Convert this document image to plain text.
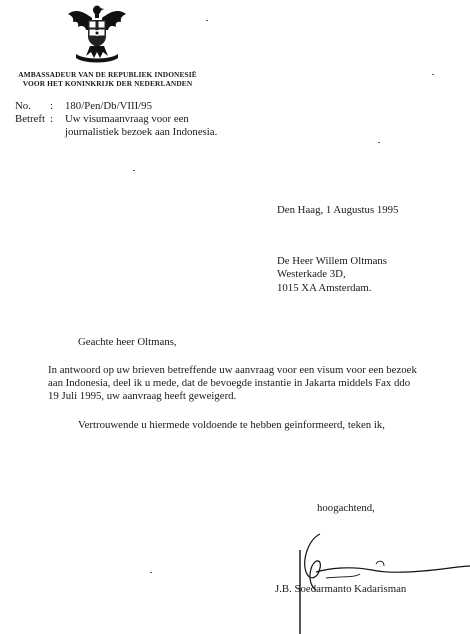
AMBASSADEUR VAN DE REPUBLIEK INDONESIË
VOOR HET KONINKRIJK DER NEDERLANDEN
No. : 180/Pen/Db/VIII/95
Betreft : Uw visumaanvraag voor een
journalistiek bezoek aan Indonesia.
Den Haag, 1 Augustus 1995
De Heer Willem Oltmans
Westerkade 3D,
1015 XA Amsterdam.
Geachte heer Oltmans,
In antwoord op uw brieven betreffende uw aanvraag voor een visum voor een bezoek
aan Indonesia, deel ik u mede, dat de bevoegde instantie in Jakarta middels Fax ddo
19 Juli 1995, uw aanvraag heeft geweigerd.
Vertrouwende u hiermede voldoende te hebben geinformeerd, teken ik,
hoogachtend,
J.B. Soedarmanto Kadarisman
